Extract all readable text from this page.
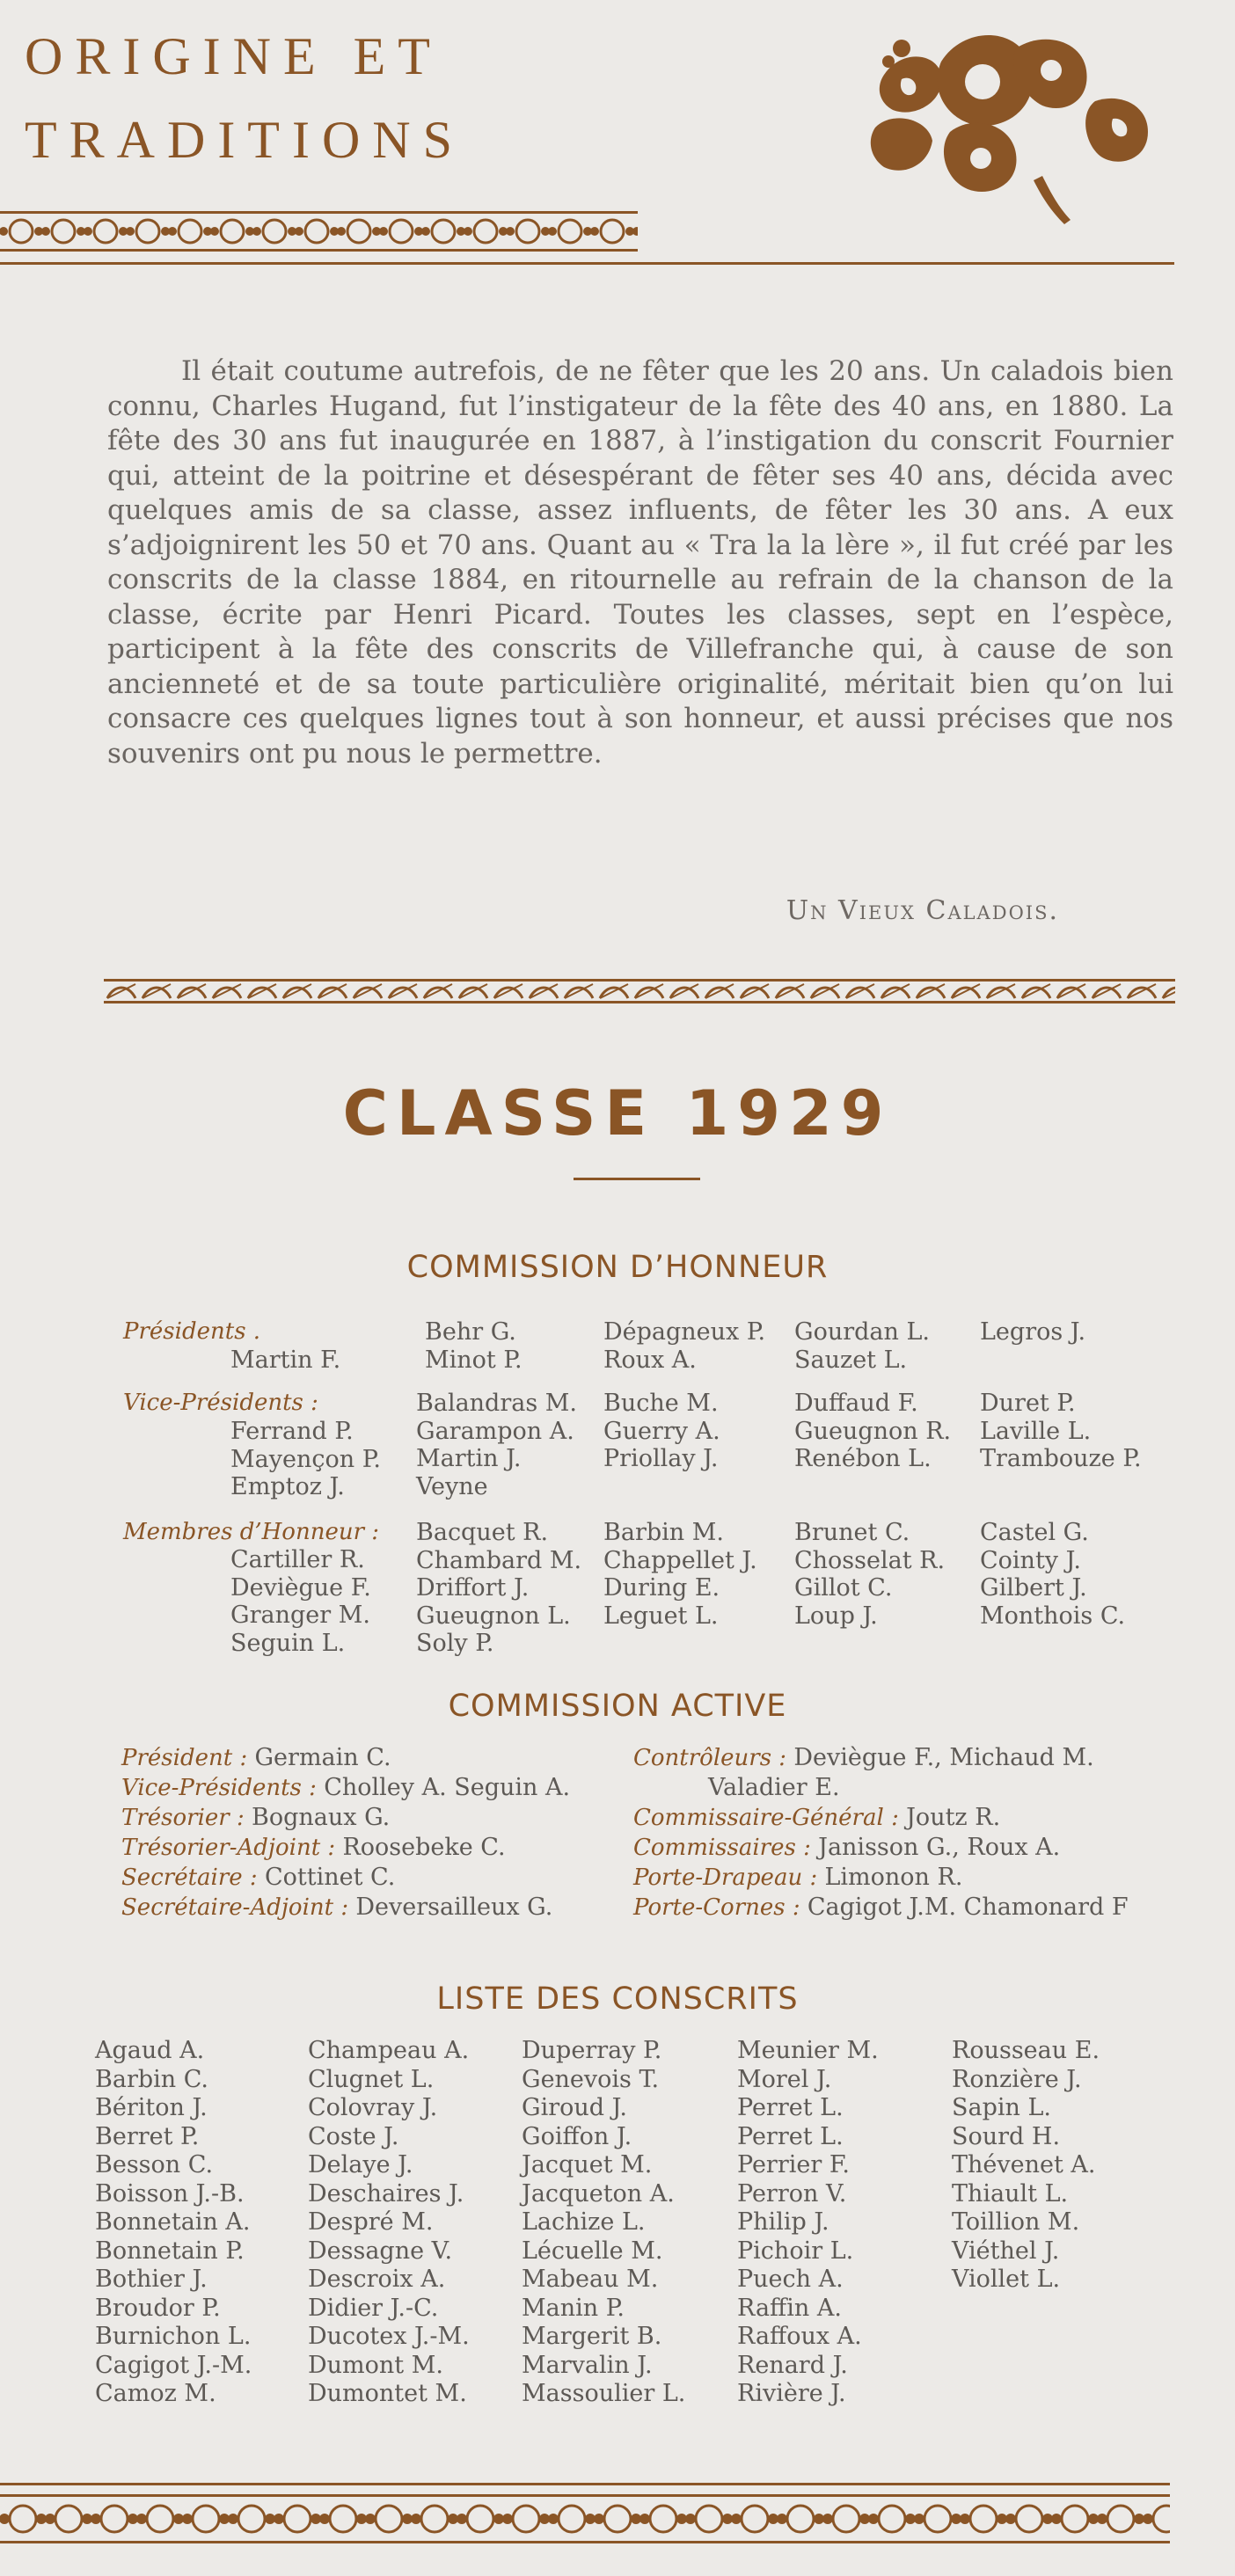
ORIGINE ET
TRADITIONS

Il était coutume autrefois, de ne fêter que les 20 ans. Un caladois bien connu, Charles Hugand, fut l’instigateur de la fête des 40 ans, en 1880. La fête des 30 ans fut inaugurée en 1887, à l’instigation du conscrit Fournier qui, atteint de la poitrine et désespérant de fêter ses 40 ans, décida avec quelques amis de sa classe, assez influents, de fêter les 30 ans. A eux s’adjoignirent les 50 et 70 ans. Quant au « Tra la la lère », il fut créé par les conscrits de la classe 1884, en ritournelle au refrain de la chanson de la classe, écrite par Henri Picard. Toutes les classes, sept en l’espèce, participent à la fête des conscrits de Villefranche qui, à cause de son ancienneté et de sa toute particulière originalité, méritait bien qu’on lui consacre ces quelques lignes tout à son honneur, et aussi précises que nos souvenirs ont pu nous le permettre.

Un Vieux Caladois.
CLASSE 1929
COMMISSION D’HONNEUR
Présidents .
Martin F.
Behr G.
Minot P.
Dépagneux P.
Roux A.
Gourdan L.
Sauzet L.
Legros J.
Vice-Présidents :
Ferrand P.
Mayençon P.
Emptoz J.
Balandras M.
Garampon A.
Martin J.
Veyne
Buche M.
Guerry A.
Priollay J.
Duffaud F.
Gueugnon R.
Renébon L.
Duret P.
Laville L.
Trambouze P.
Membres d’Honneur :
Cartiller R.
Deviègue F.
Granger M.
Seguin L.
Bacquet R.
Chambard M.
Driffort J.
Gueugnon L.
Soly P.
Barbin M.
Chappellet J.
During E.
Leguet L.
Brunet C.
Chosselat R.
Gillot C.
Loup J.
Castel G.
Cointy J.
Gilbert J.
Monthois C.
COMMISSION ACTIVE
Président : Germain C.
Vice-Présidents : Cholley A. Seguin A.
Trésorier : Bognaux G.
Trésorier-Adjoint : Roosebeke C.
Secrétaire : Cottinet C.
Secrétaire-Adjoint : Deversailleux G.
Contrôleurs : Deviègue F., Michaud M.
Valadier E.
Commissaire-Général : Joutz R.
Commissaires : Janisson G., Roux A.
Porte-Drapeau : Limonon R.
Porte-Cornes : Cagigot J.M. Chamonard F
LISTE DES CONSCRITS
Agaud A.
Barbin C.
Bériton J.
Berret P.
Besson C.
Boisson J.-B.
Bonnetain A.
Bonnetain P.
Bothier J.
Broudor P.
Burnichon L.
Cagigot J.-M.
Camoz M.
Champeau A.
Clugnet L.
Colovray J.
Coste J.
Delaye J.
Deschaires J.
Despré M.
Dessagne V.
Descroix A.
Didier J.-C.
Ducotex J.-M.
Dumont M.
Dumontet M.
Duperray P.
Genevois T.
Giroud J.
Goiffon J.
Jacquet M.
Jacqueton A.
Lachize L.
Lécuelle M.
Mabeau M.
Manin P.
Margerit B.
Marvalin J.
Massoulier L.
Meunier M.
Morel J.
Perret L.
Perret L.
Perrier F.
Perron V.
Philip J.
Pichoir L.
Puech A.
Raffin A.
Raffoux A.
Renard J.
Rivière J.
Rousseau E.
Ronzière J.
Sapin L.
Sourd H.
Thévenet A.
Thiault L.
Toillion M.
Viéthel J.
Viollet L.
